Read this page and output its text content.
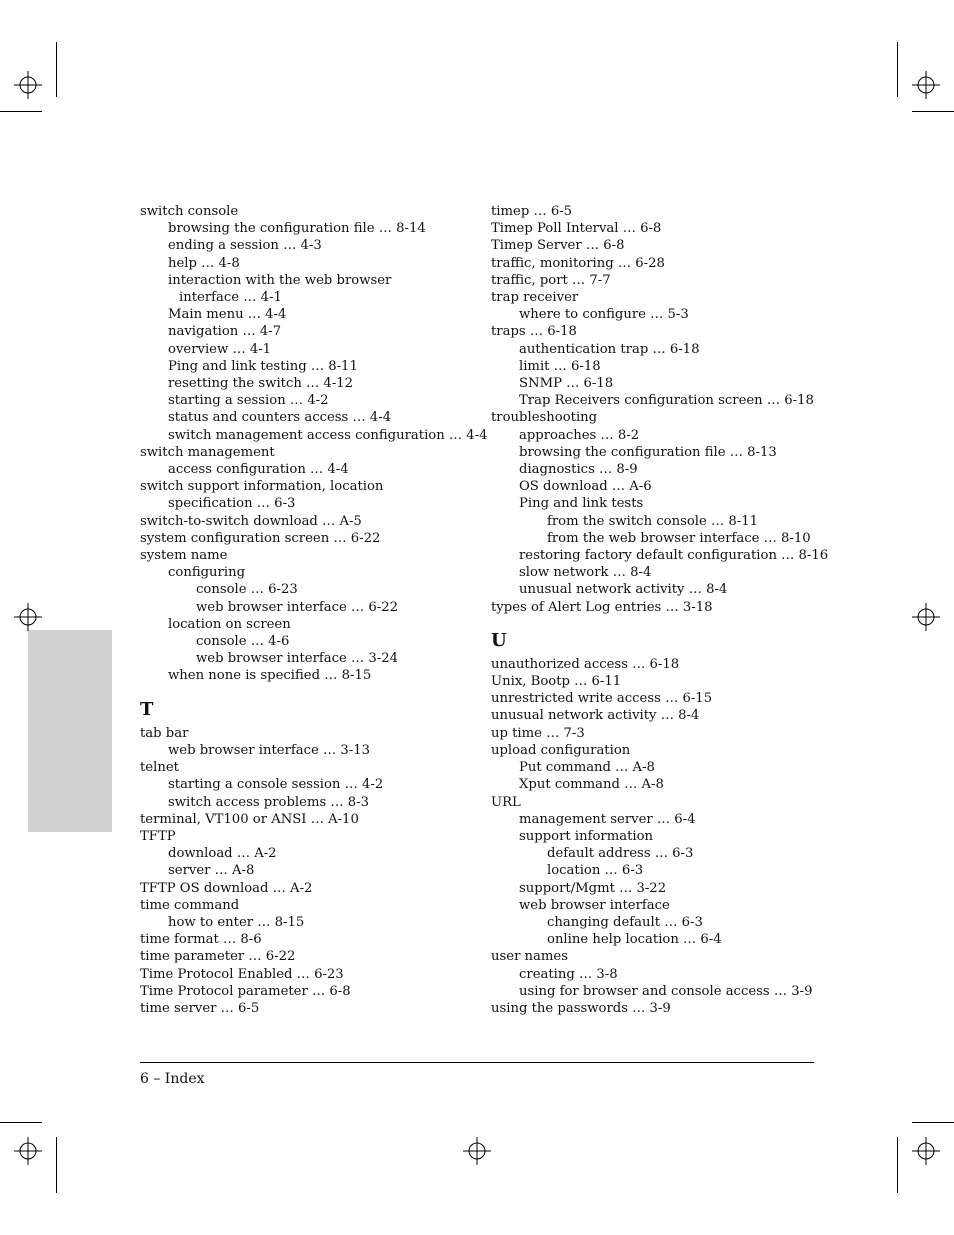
switch console
browsing the configuration file … 8-14
ending a session … 4-3
help … 4-8
interaction with the web browser
interface … 4-1
Main menu … 4-4
navigation … 4-7
overview … 4-1
Ping and link testing … 8-11
resetting the switch … 4-12
starting a session … 4-2
status and counters access … 4-4
switch management access configuration … 4-4
switch management
access configuration … 4-4
switch support information, location
specification … 6-3
switch-to-switch download … A-5
system configuration screen … 6-22
system name
configuring
console … 6-23
web browser interface … 6-22
location on screen
console … 4-6
web browser interface … 3-24
when none is specified … 8-15
T
tab bar
web browser interface … 3-13
telnet
starting a console session … 4-2
switch access problems … 8-3
terminal, VT100 or ANSI … A-10
TFTP
download … A-2
server … A-8
TFTP OS download … A-2
time command
how to enter … 8-15
time format … 8-6
time parameter … 6-22
Time Protocol Enabled … 6-23
Time Protocol parameter … 6-8
time server … 6-5
timep … 6-5
Timep Poll Interval … 6-8
Timep Server … 6-8
traffic, monitoring … 6-28
traffic, port … 7-7
trap receiver
where to configure … 5-3
traps … 6-18
authentication trap … 6-18
limit … 6-18
SNMP … 6-18
Trap Receivers configuration screen … 6-18
troubleshooting
approaches … 8-2
browsing the configuration file … 8-13
diagnostics … 8-9
OS download … A-6
Ping and link tests
from the switch console … 8-11
from the web browser interface … 8-10
restoring factory default configuration … 8-16
slow network … 8-4
unusual network activity … 8-4
types of Alert Log entries … 3-18
U
unauthorized access … 6-18
Unix, Bootp … 6-11
unrestricted write access … 6-15
unusual network activity … 8-4
up time … 7-3
upload configuration
Put command … A-8
Xput command … A-8
URL
management server … 6-4
support information
default address … 6-3
location … 6-3
support/Mgmt … 3-22
web browser interface
changing default … 6-3
online help location … 6-4
user names
creating … 3-8
using for browser and console access … 3-9
using the passwords … 3-9
6 – Index
